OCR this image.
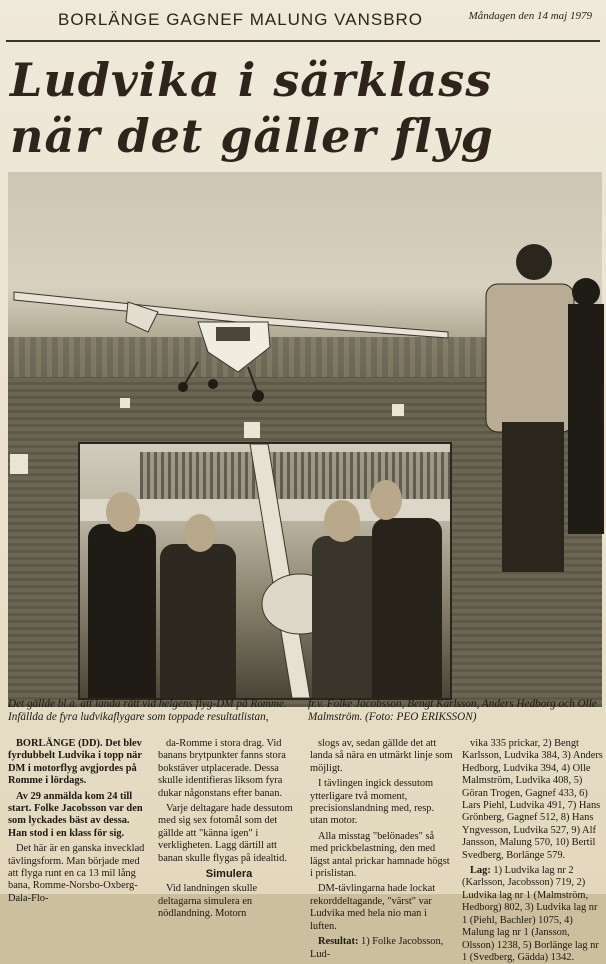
BORLÄNGE GAGNEF MALUNG VANSBRO	Måndagen den 14 maj 1979
Ludvika i särklass
när det gäller flyg
Det gällde bl.a. att landa rätt vid helgens flyg-DM på Romme. Infällda de fyra ludvikaflygare som toppade resultatlistan,
fr.v. Folke Jacobsson, Bengt Karlsson, Anders Hedborg och Olle Malmström. (Foto: PEO ERIKSSON)

BORLÄNGE (DD). Det blev fyrdubbelt Ludvika i topp när DM i motorflyg avgjordes på Romme i lördags.

Av 29 anmälda kom 24 till start. Folke Jacobsson var den som lyckades bäst av dessa. Han stod i en klass för sig.

Det här är en ganska invecklad tävlingsform. Man började med att flyga runt en ca 13 mil lång bana, Romme-Norsbo-Oxberg-Dala-Flo-

da-Romme i stora drag. Vid banans brytpunkter fanns stora bokstäver utplacerade. Dessa skulle identifieras liksom fyra dukar någonstans efter banan.

Varje deltagare hade dessutom med sig sex fotomål som det gällde att "känna igen" i verkligheten. Lagg därtill att banan skulle flygas på idealtid.

Simulera

Vid landningen skulle deltagarna simulera en nödlandning. Motorn

slogs av, sedan gällde det att landa så nära en utmärkt linje som möjligt.

I tävlingen ingick dessutom ytterligare två moment, precisionslandning med, resp. utan motor.

Alla misstag "belönades" så med prickbelastning, den med lägst antal prickar hamnade högst i prislistan.

DM-tävlingarna hade lockat rekorddeltagande, "värst" var Ludvika med hela nio man i luften.

Resultat: 1) Folke Jacobsson, Lud-

vika 335 prickar, 2) Bengt Karlsson, Ludvika 384, 3) Anders Hedborg, Ludvika 394, 4) Olle Malmström, Ludvika 408, 5) Göran Trogen, Gagnef 433, 6) Lars Piehl, Ludvika 491, 7) Hans Grönberg, Gagnef 512, 8) Hans Yngvesson, Ludvika 527, 9) Alf Jansson, Malung 570, 10) Bertil Svedberg, Borlänge 579.

Lag: 1) Ludvika lag nr 2 (Karlsson, Jacobsson) 719, 2) Ludvika lag nr 1 (Malmström, Hedborg) 802, 3) Ludvika lag nr 1 (Piehl, Bachler) 1075, 4) Malung lag nr 1 (Jansson, Olsson) 1238, 5) Borlänge lag nr 1 (Svedberg, Gädda) 1342.
